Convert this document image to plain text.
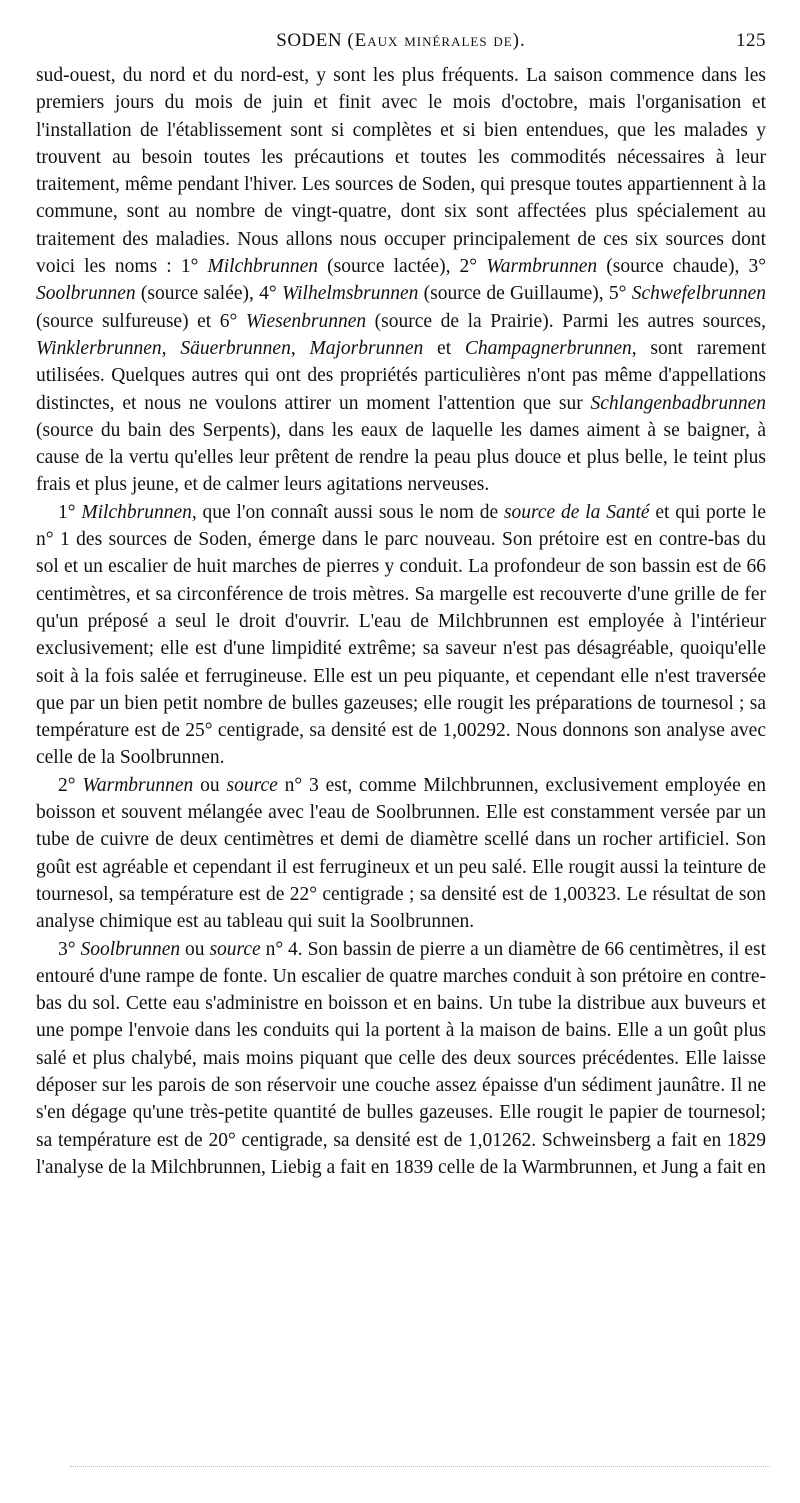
SODEN (Eaux minérales de).	125

sud-ouest, du nord et du nord-est, y sont les plus fréquents. La saison commence dans les premiers jours du mois de juin et finit avec le mois d'octobre, mais l'organisation et l'installation de l'établissement sont si complètes et si bien entendues, que les malades y trouvent au besoin toutes les précautions et toutes les commodités nécessaires à leur traitement, même pendant l'hiver. Les sources de Soden, qui presque toutes appartiennent à la commune, sont au nombre de vingt-quatre, dont six sont affectées plus spécialement au traitement des maladies. Nous allons nous occuper principalement de ces six sources dont voici les noms : 1° Milchbrunnen (source lactée), 2° Warmbrunnen (source chaude), 3° Soolbrunnen (source salée), 4° Wilhelmsbrunnen (source de Guillaume), 5° Schwefelbrunnen (source sulfureuse) et 6° Wiesenbrunnen (source de la Prairie). Parmi les autres sources, Winklerbrunnen, Säuerbrunnen, Majorbrunnen et Champagnerbrunnen, sont rarement utilisées. Quelques autres qui ont des propriétés particulières n'ont pas même d'appellations distinctes, et nous ne voulons attirer un moment l'attention que sur Schlangenbadbrunnen (source du bain des Serpents), dans les eaux de laquelle les dames aiment à se baigner, à cause de la vertu qu'elles leur prêtent de rendre la peau plus douce et plus belle, le teint plus frais et plus jeune, et de calmer leurs agitations nerveuses.

1° Milchbrunnen, que l'on connaît aussi sous le nom de source de la Santé et qui porte le n° 1 des sources de Soden, émerge dans le parc nouveau. Son prétoire est en contre-bas du sol et un escalier de huit marches de pierres y conduit. La profondeur de son bassin est de 66 centimètres, et sa circonférence de trois mètres. Sa margelle est recouverte d'une grille de fer qu'un préposé a seul le droit d'ouvrir. L'eau de Milchbrunnen est employée à l'intérieur exclusivement; elle est d'une limpidité extrême; sa saveur n'est pas désagréable, quoiqu'elle soit à la fois salée et ferrugineuse. Elle est un peu piquante, et cependant elle n'est traversée que par un bien petit nombre de bulles gazeuses; elle rougit les préparations de tournesol ; sa température est de 25° centigrade, sa densité est de 1,00292. Nous donnons son analyse avec celle de la Soolbrunnen.

2° Warmbrunnen ou source n° 3 est, comme Milchbrunnen, exclusivement employée en boisson et souvent mélangée avec l'eau de Soolbrunnen. Elle est constamment versée par un tube de cuivre de deux centimètres et demi de diamètre scellé dans un rocher artificiel. Son goût est agréable et cependant il est ferrugineux et un peu salé. Elle rougit aussi la teinture de tournesol, sa température est de 22° centigrade ; sa densité est de 1,00323. Le résultat de son analyse chimique est au tableau qui suit la Soolbrunnen.

3° Soolbrunnen ou source n° 4. Son bassin de pierre a un diamètre de 66 centimètres, il est entouré d'une rampe de fonte. Un escalier de quatre marches conduit à son prétoire en contre-bas du sol. Cette eau s'administre en boisson et en bains. Un tube la distribue aux buveurs et une pompe l'envoie dans les conduits qui la portent à la maison de bains. Elle a un goût plus salé et plus chalybé, mais moins piquant que celle des deux sources précédentes. Elle laisse déposer sur les parois de son réservoir une couche assez épaisse d'un sédiment jaunâtre. Il ne s'en dégage qu'une très-petite quantité de bulles gazeuses. Elle rougit le papier de tournesol; sa température est de 20° centigrade, sa densité est de 1,01262. Schweinsberg a fait en 1829 l'analyse de la Milchbrunnen, Liebig a fait en 1839 celle de la Warmbrunnen, et Jung a fait en
